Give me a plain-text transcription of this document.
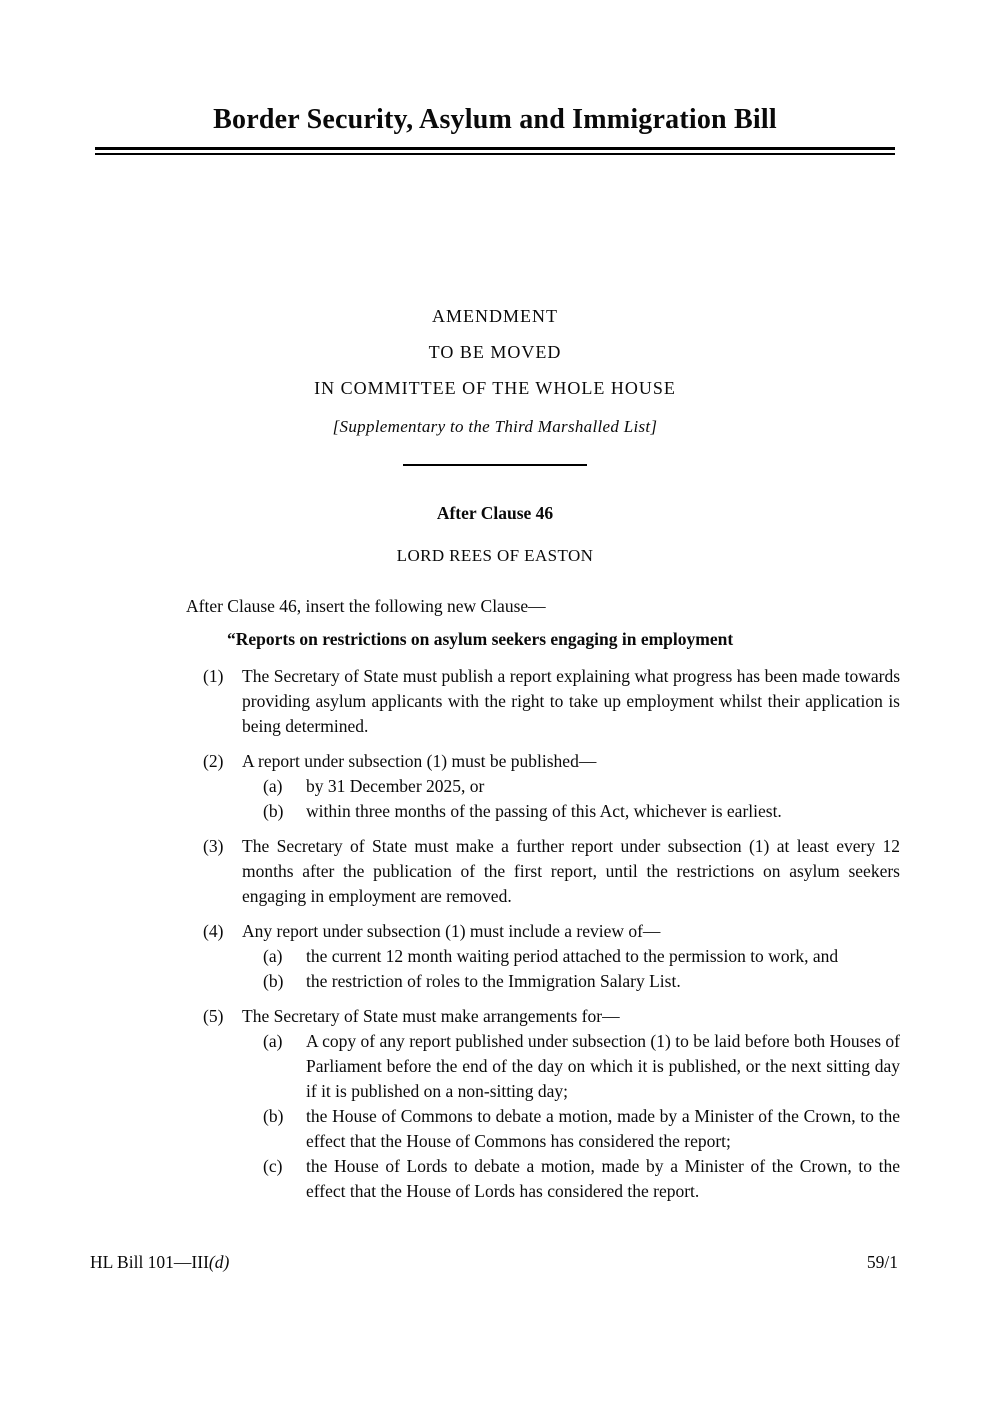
Border Security, Asylum and Immigration Bill
AMENDMENT
TO BE MOVED
IN COMMITTEE OF THE WHOLE HOUSE
[Supplementary to the Third Marshalled List]
After Clause 46
LORD REES OF EASTON
After Clause 46, insert the following new Clause—
“Reports on restrictions on asylum seekers engaging in employment
(1) The Secretary of State must publish a report explaining what progress has been made towards providing asylum applicants with the right to take up employment whilst their application is being determined.
(2) A report under subsection (1) must be published—
(a) by 31 December 2025, or
(b) within three months of the passing of this Act, whichever is earliest.
(3) The Secretary of State must make a further report under subsection (1) at least every 12 months after the publication of the first report, until the restrictions on asylum seekers engaging in employment are removed.
(4) Any report under subsection (1) must include a review of—
(a) the current 12 month waiting period attached to the permission to work, and
(b) the restriction of roles to the Immigration Salary List.
(5) The Secretary of State must make arrangements for—
(a) A copy of any report published under subsection (1) to be laid before both Houses of Parliament before the end of the day on which it is published, or the next sitting day if it is published on a non-sitting day;
(b) the House of Commons to debate a motion, made by a Minister of the Crown, to the effect that the House of Commons has considered the report;
(c) the House of Lords to debate a motion, made by a Minister of the Crown, to the effect that the House of Lords has considered the report.
HL Bill 101—III(d)	59/1
